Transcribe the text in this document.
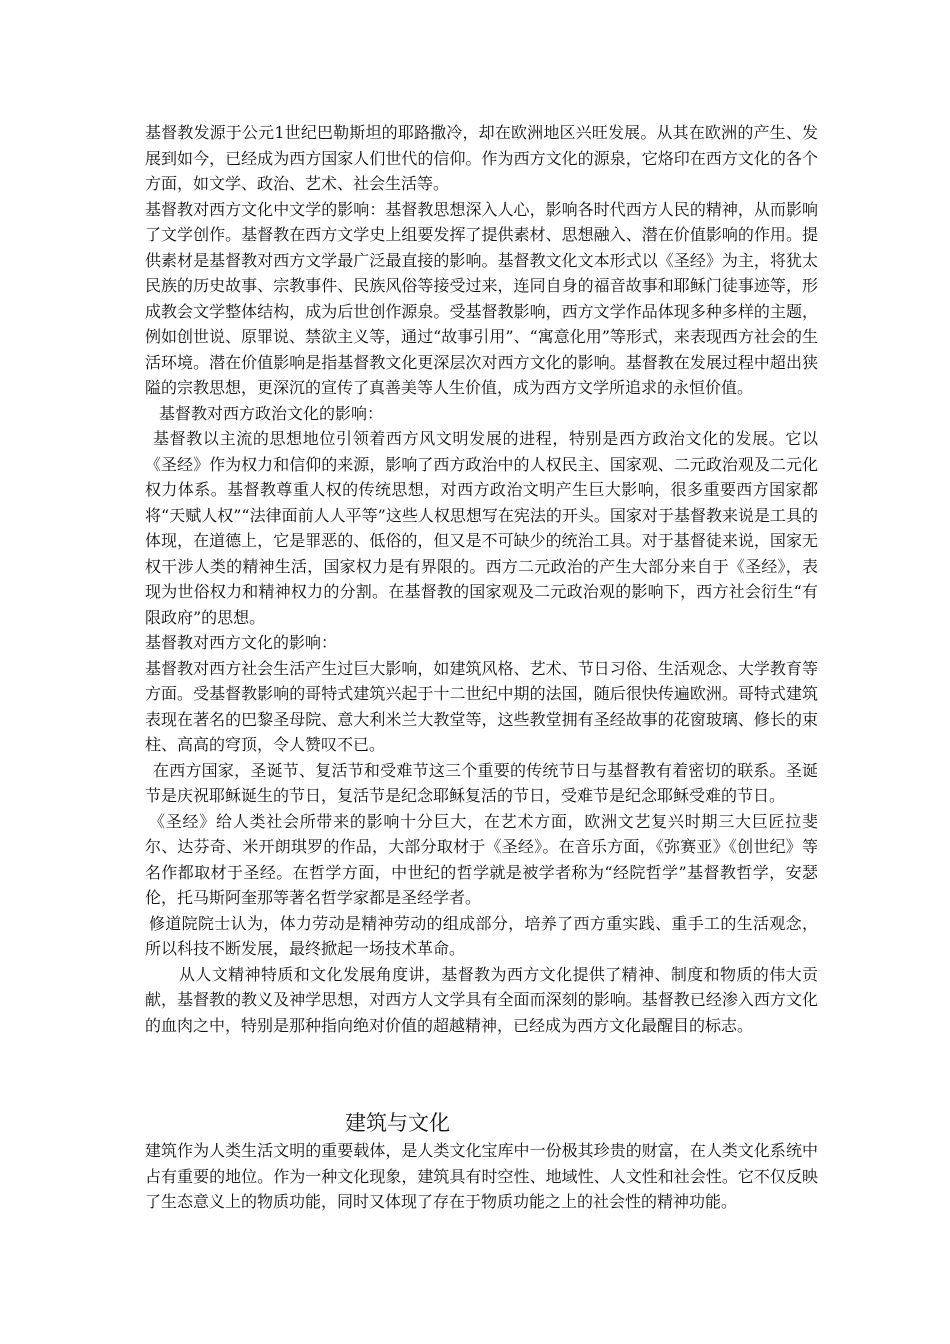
基督教发源于公元1世纪巴勒斯坦的耶路撒冷，却在欧洲地区兴旺发展。从其在欧洲的产生、发展到如今，已经成为西方国家人们世代的信仰。作为西方文化的源泉，它烙印在西方文化的各个方面，如文学、政治、艺术、社会生活等。

基督教对西方文化中文学的影响：基督教思想深入人心，影响各时代西方人民的精神，从而影响了文学创作。基督教在西方文学史上组要发挥了提供素材、思想融入、潜在价值影响的作用。提供素材是基督教对西方文学最广泛最直接的影响。基督教文化文本形式以《圣经》为主，将犹太民族的历史故事、宗教事件、民族风俗等接受过来，连同自身的福音故事和耶稣门徒事迹等，形成教会文学整体结构，成为后世创作源泉。受基督教影响，西方文学作品体现多种多样的主题，例如创世说、原罪说、禁欲主义等，通过“故事引用”、“寓意化用”等形式，来表现西方社会的生活环境。潜在价值影响是指基督教文化更深层次对西方文化的影响。基督教在发展过程中超出狭隘的宗教思想，更深沉的宣传了真善美等人生价值，成为西方文学所追求的永恒价值。

基督教对西方政治文化的影响：

基督教以主流的思想地位引领着西方风文明发展的进程，特别是西方政治文化的发展。它以《圣经》作为权力和信仰的来源，影响了西方政治中的人权民主、国家观、二元政治观及二元化权力体系。基督教尊重人权的传统思想，对西方政治文明产生巨大影响，很多重要西方国家都将“天赋人权”“法律面前人人平等”这些人权思想写在宪法的开头。国家对于基督教来说是工具的体现，在道德上，它是罪恶的、低俗的，但又是不可缺少的统治工具。对于基督徒来说，国家无权干涉人类的精神生活，国家权力是有界限的。西方二元政治的产生大部分来自于《圣经》，表现为世俗权力和精神权力的分割。在基督教的国家观及二元政治观的影响下，西方社会衍生“有限政府”的思想。

基督教对西方文化的影响：

基督教对西方社会生活产生过巨大影响，如建筑风格、艺术、节日习俗、生活观念、大学教育等方面。受基督教影响的哥特式建筑兴起于十二世纪中期的法国，随后很快传遍欧洲。哥特式建筑表现在著名的巴黎圣母院、意大利米兰大教堂等，这些教堂拥有圣经故事的花窗玻璃、修长的束柱、高高的穹顶，令人赞叹不已。

在西方国家，圣诞节、复活节和受难节这三个重要的传统节日与基督教有着密切的联系。圣诞节是庆祝耶稣诞生的节日，复活节是纪念耶稣复活的节日，受难节是纪念耶稣受难的节日。

《圣经》给人类社会所带来的影响十分巨大，在艺术方面，欧洲文艺复兴时期三大巨匠拉斐尔、达芬奇、米开朗琪罗的作品，大部分取材于《圣经》。在音乐方面，《弥赛亚》《创世纪》等名作都取材于圣经。在哲学方面，中世纪的哲学就是被学者称为“经院哲学”基督教哲学，安瑟伦，托马斯阿奎那等著名哲学家都是圣经学者。

修道院院士认为，体力劳动是精神劳动的组成部分，培养了西方重实践、重手工的生活观念，所以科技不断发展，最终掀起一场技术革命。

从人文精神特质和文化发展角度讲，基督教为西方文化提供了精神、制度和物质的伟大贡献，基督教的教义及神学思想，对西方人文学具有全面而深刻的影响。基督教已经渗入西方文化的血肉之中，特别是那种指向绝对价值的超越精神，已经成为西方文化最醒目的标志。

建筑与文化

建筑作为人类生活文明的重要载体，是人类文化宝库中一份极其珍贵的财富，在人类文化系统中占有重要的地位。作为一种文化现象，建筑具有时空性、地域性、人文性和社会性。它不仅反映了生态意义上的物质功能，同时又体现了存在于物质功能之上的社会性的精神功能。
